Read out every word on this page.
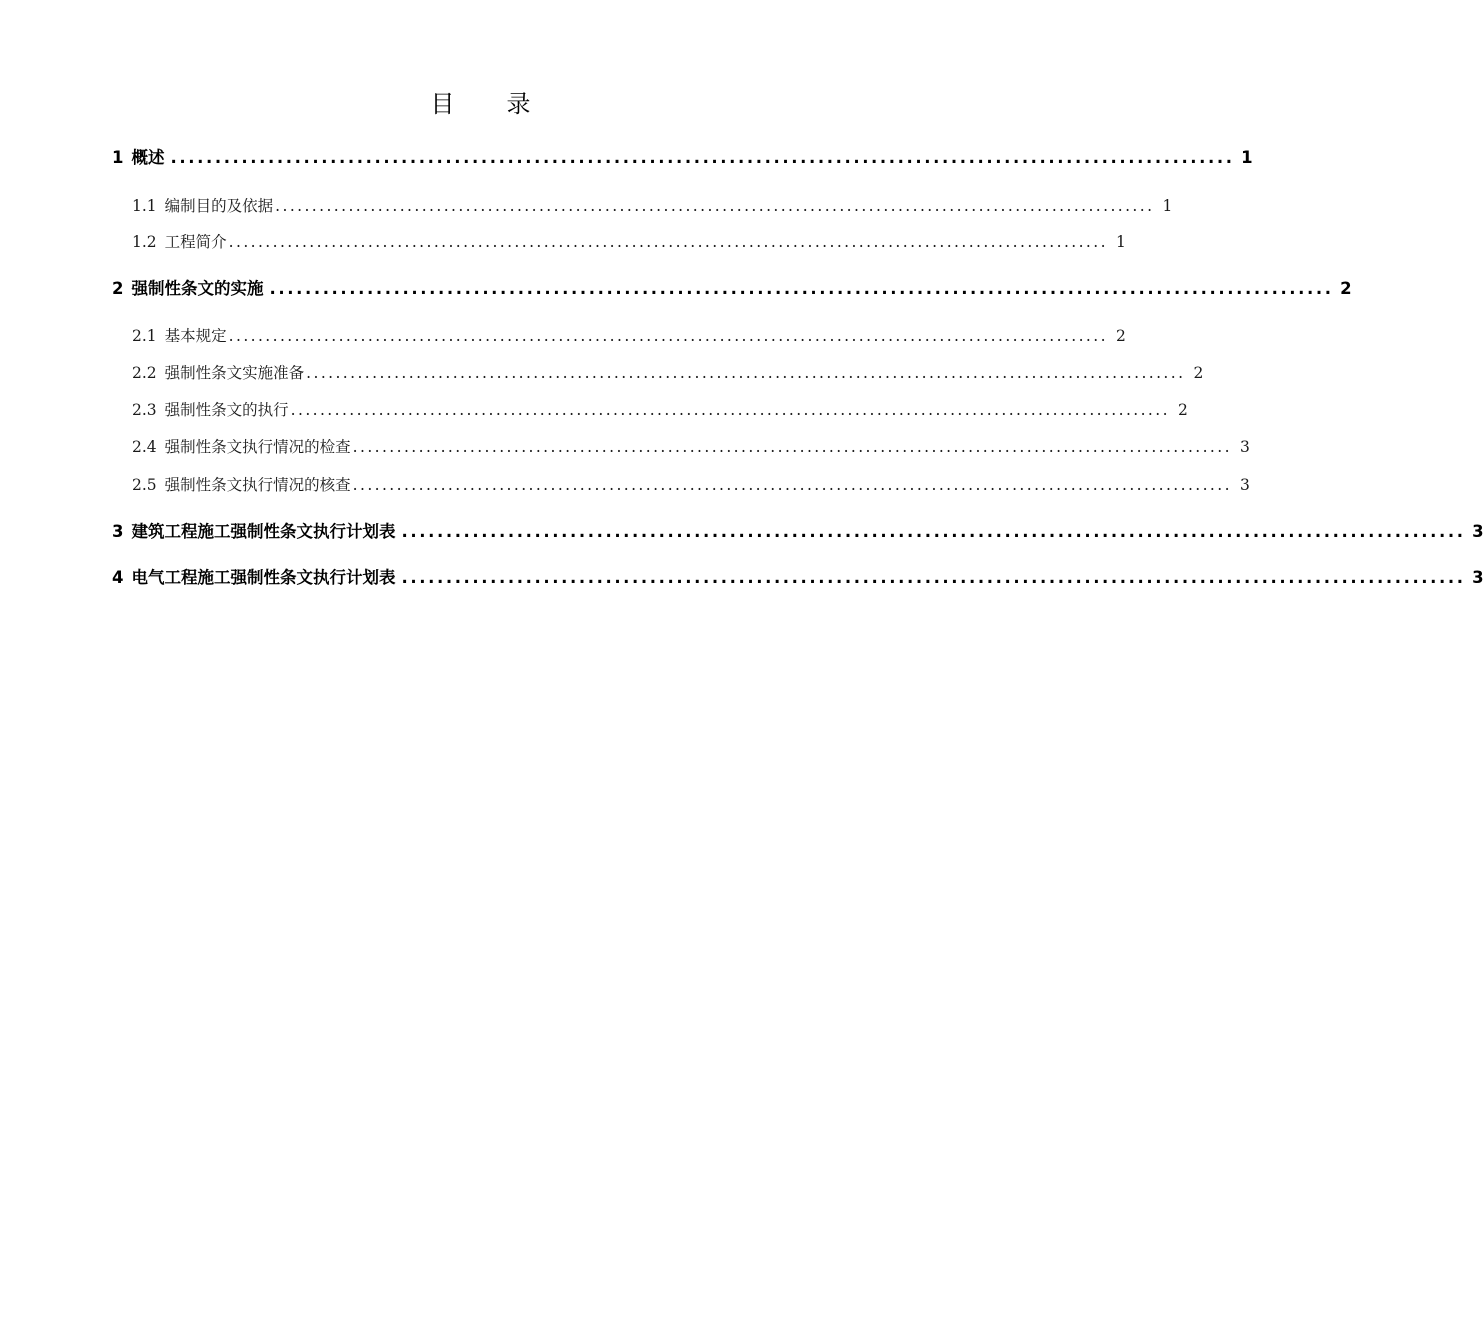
目　录
1 概述 ........................................................................................................................ 1
1.1 编制目的及依据 ........................................................................................................................ 1
1.2 工程简介 ........................................................................................................................ 1
2 强制性条文的实施 ........................................................................................................................ 2
2.1 基本规定 ........................................................................................................................ 2
2.2 强制性条文实施准备 ........................................................................................................................ 2
2.3 强制性条文的执行 ........................................................................................................................ 2
2.4 强制性条文执行情况的检查 ........................................................................................................................ 3
2.5 强制性条文执行情况的核查 ........................................................................................................................ 3
3 建筑工程施工强制性条文执行计划表 ........................................................................................................................ 3
4 电气工程施工强制性条文执行计划表 ........................................................................................................................ 3
